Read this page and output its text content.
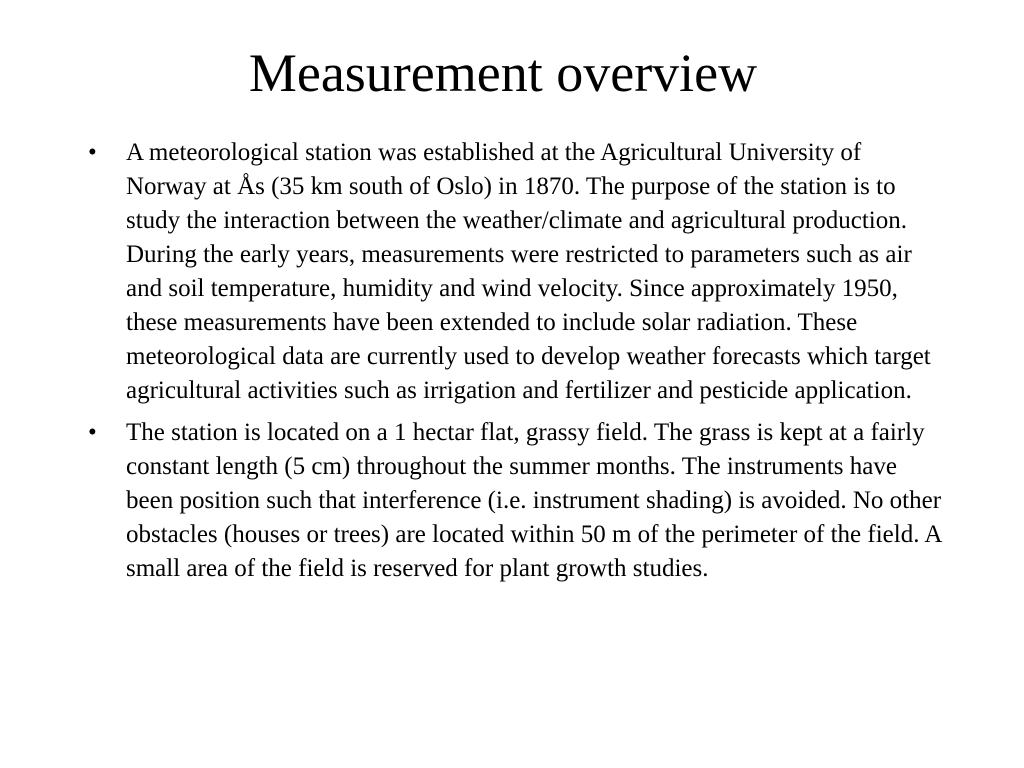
Measurement overview
• A meteorological station was established at the Agricultural University of Norway at Ås (35 km south of Oslo) in 1870. The purpose of the station is to study the interaction between the weather/climate and agricultural production. During the early years, measurements were restricted to parameters such as air and soil temperature, humidity and wind velocity. Since approximately 1950, these measurements have been extended to include solar radiation. These meteorological data are currently used to develop weather forecasts which target agricultural activities such as irrigation and fertilizer and pesticide application.
• The station is located on a 1 hectar flat, grassy field. The grass is kept at a fairly constant length (5 cm) throughout the summer months. The instruments have been position such that interference (i.e. instrument shading) is avoided. No other obstacles (houses or trees) are located within 50 m of the perimeter of the field. A small area of the field is reserved for plant growth studies.
